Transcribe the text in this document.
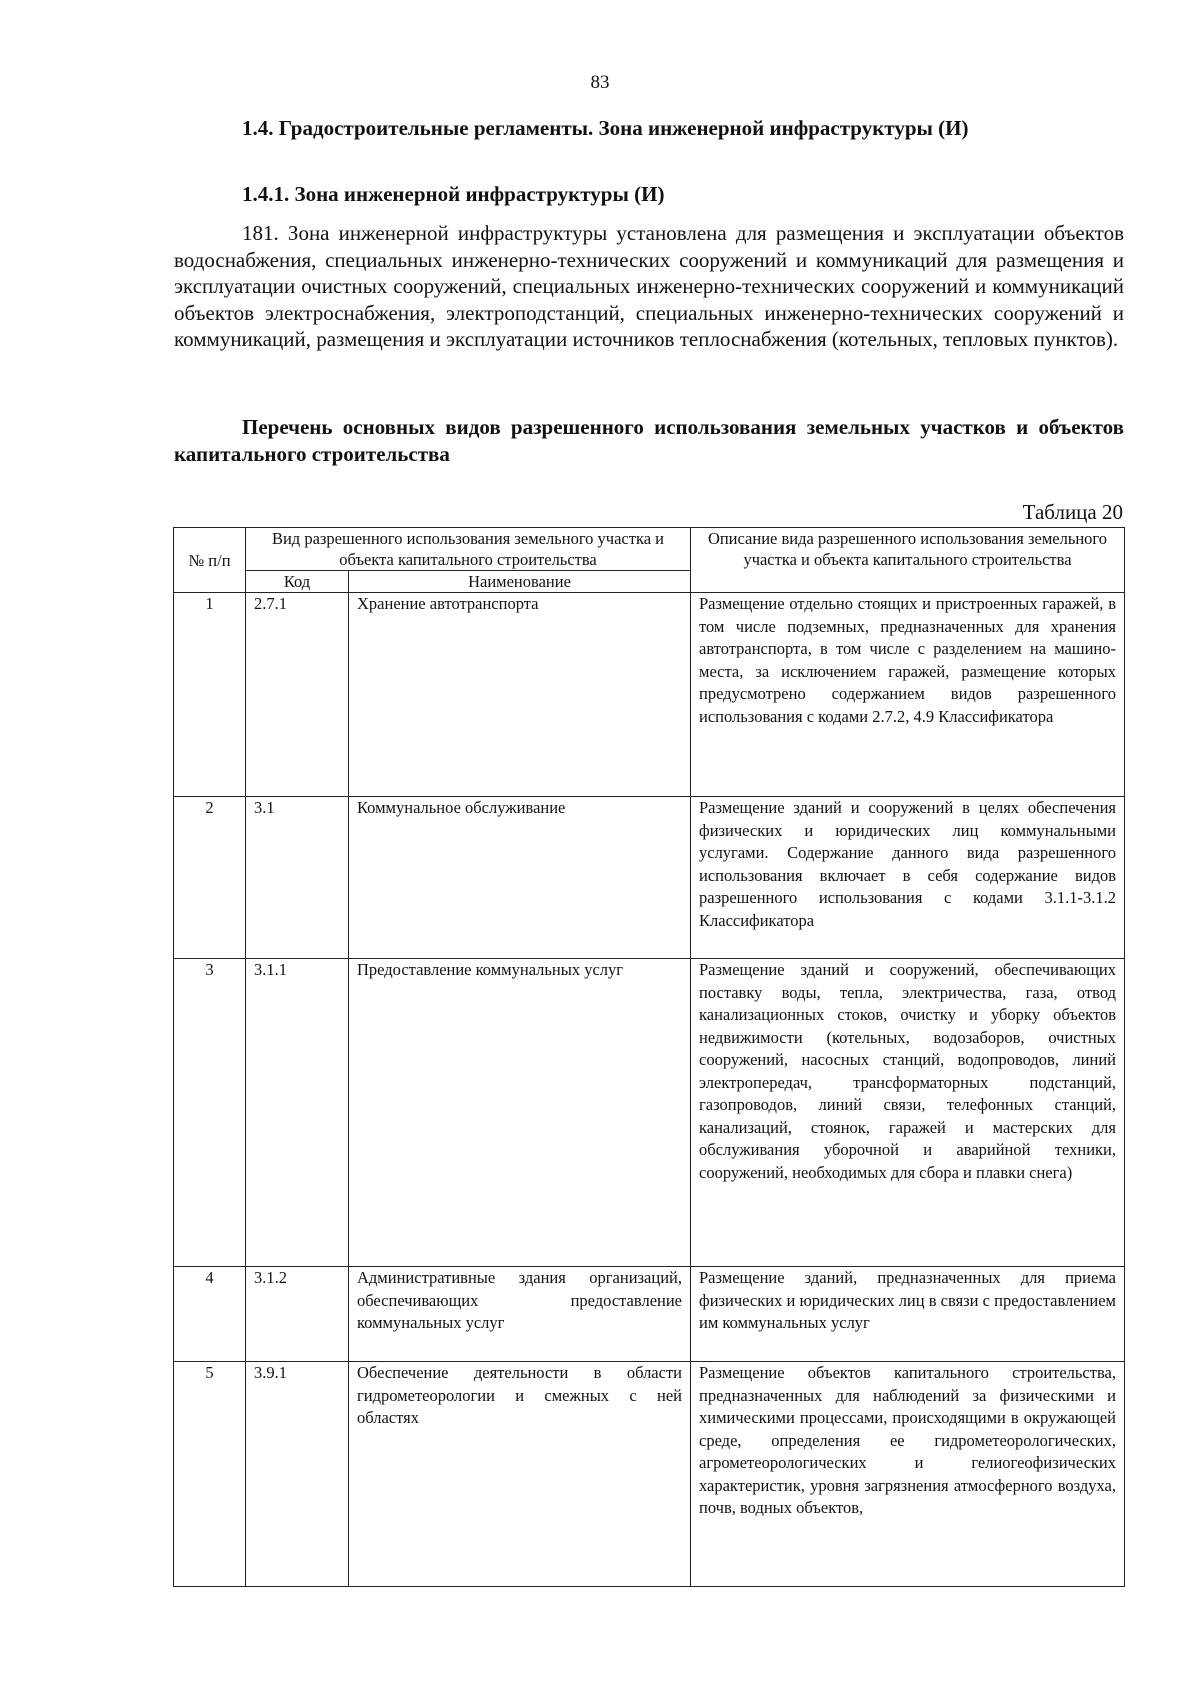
83
1.4. Градостроительные регламенты. Зона инженерной инфраструктуры (И)
1.4.1. Зона инженерной инфраструктуры (И)

181. Зона инженерной инфраструктуры установлена для размещения и эксплуатации объектов водоснабжения, специальных инженерно-технических сооружений и коммуникаций для размещения и эксплуатации очистных сооружений, специальных инженерно-технических сооружений и коммуникаций объектов электроснабжения, электроподстанций, специальных инженерно-технических сооружений и коммуникаций, размещения и эксплуатации источников теплоснабжения (котельных, тепловых пунктов).

Перечень основных видов разрешенного использования земельных участков и объектов капитального строительства

Таблица 20
№ п/п	Вид разрешенного использования земельного участка и объекта капитального строительства		Описание вида разрешенного использования земельного участка и объекта капитального строительства
	Код	Наименование	
1	2.7.1	Хранение автотранспорта	Размещение отдельно стоящих и пристроенных гаражей, в том числе подземных, предназначенных для хранения автотранспорта, в том числе с разделением на машино-места, за исключением гаражей, размещение которых предусмотрено содержанием видов разрешенного использования с кодами 2.7.2, 4.9 Классификатора
2	3.1	Коммунальное обслуживание	Размещение зданий и сооружений в целях обеспечения физических и юридических лиц коммунальными услугами. Содержание данного вида разрешенного использования включает в себя содержание видов разрешенного использования с кодами 3.1.1-3.1.2 Классификатора
3	3.1.1	Предоставление коммунальных услуг	Размещение зданий и сооружений, обеспечивающих поставку воды, тепла, электричества, газа, отвод канализационных стоков, очистку и уборку объектов недвижимости (котельных, водозаборов, очистных сооружений, насосных станций, водопроводов, линий электропередач, трансформаторных подстанций, газопроводов, линий связи, телефонных станций, канализаций, стоянок, гаражей и мастерских для обслуживания уборочной и аварийной техники, сооружений, необходимых для сбора и плавки снега)
4	3.1.2	Административные здания организаций, обеспечивающих предоставление коммунальных услуг	Размещение зданий, предназначенных для приема физических и юридических лиц в связи с предоставлением им коммунальных услуг
5	3.9.1	Обеспечение деятельности в области гидрометеорологии и смежных с ней областях	Размещение объектов капитального строительства, предназначенных для наблюдений за физическими и химическими процессами, происходящими в окружающей среде, определения ее гидрометеорологических, агрометеорологических и гелиогеофизических характеристик, уровня загрязнения атмосферного воздуха, почв, водных объектов,
